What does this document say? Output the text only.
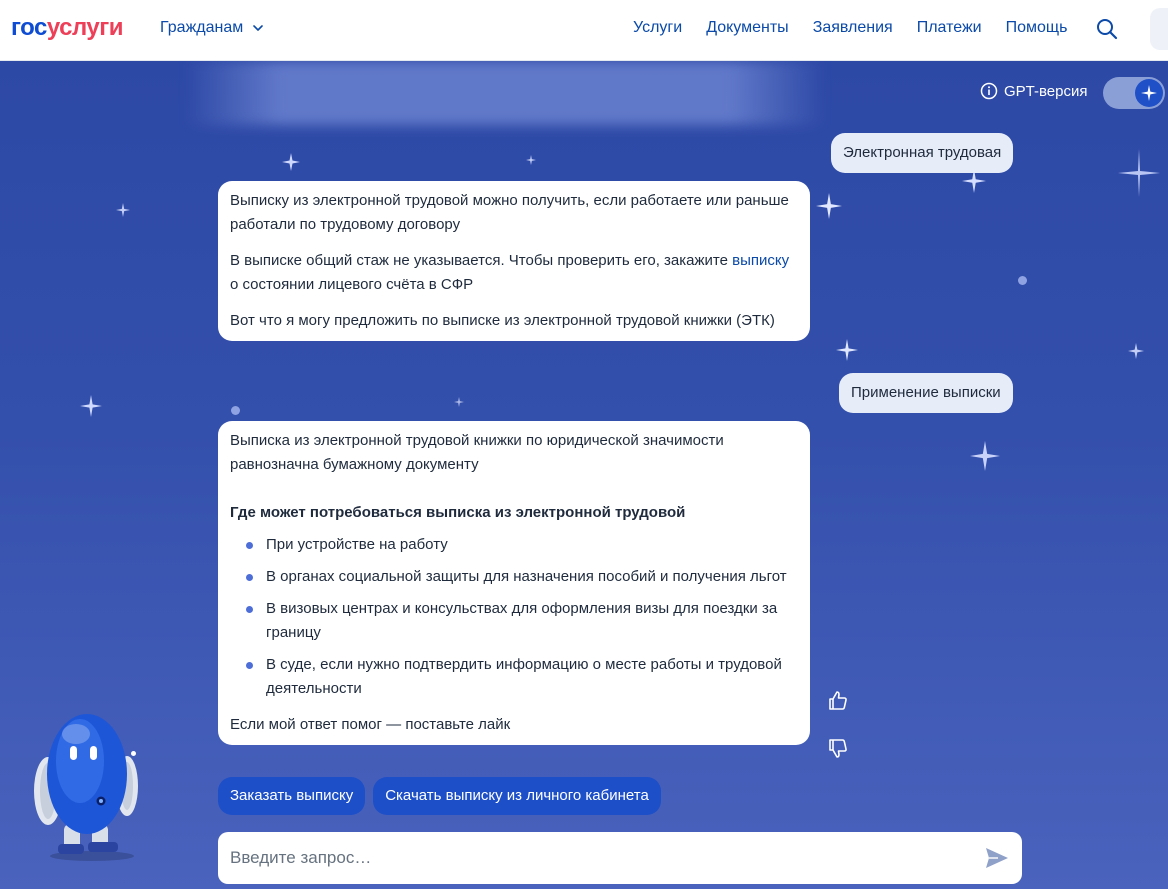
госуслуги Гражданам	Услуги Документы Заявления Платежи Помощь
GPT-версия
Электронная трудовая

Выписку из электронной трудовой можно получить, если работаете или раньше работали по трудовому договору

В выписке общий стаж не указывается. Чтобы проверить его, закажите выписку о состоянии лицевого счёта в СФР

Вот что я могу предложить по выписке из электронной трудовой книжки (ЭТК)

Применение выписки

Выписка из электронной трудовой книжки по юридической значимости равнозначна бумажному документу

Где может потребоваться выписка из электронной трудовой

При устройстве на работу
В органах социальной защиты для назначения пособий и получения льгот
В визовых центрах и консульствах для оформления визы для поездки за границу
В суде, если нужно подтвердить информацию о месте работы и трудовой деятельности

Если мой ответ помог — поставьте лайк

Заказать выписку	Скачать выписку из личного кабинета
Введите запрос…
